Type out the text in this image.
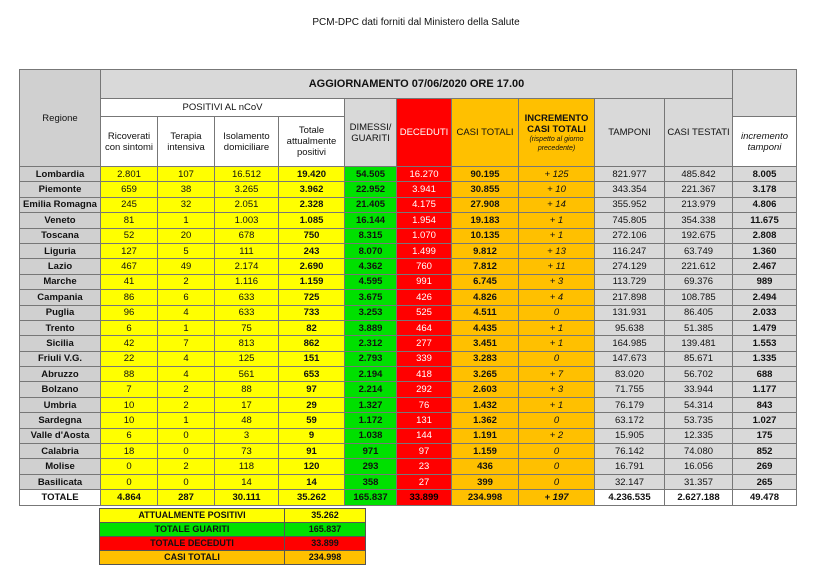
PCM-DPC dati forniti dal Ministero della Salute
Regione	AGGIORNAMENTO 07/06/2020 ORE 17.00										
	POSITIVI AL nCoV				DIMESSI/ GUARITI	DECEDUTI	CASI TOTALI	INCREMENTO CASI TOTALI
(rispetto al giorno precedente)	TAMPONI	CASI TESTATI	
	Ricoverati con sintomi	Terapia intensiva	Isolamento domiciliare	Totale attualmente positivi							incremento tamponi
Lombardia	2.801	107	16.512	19.420	54.505	16.270	90.195	+ 125	821.977	485.842	8.005
Piemonte	659	38	3.265	3.962	22.952	3.941	30.855	+ 10	343.354	221.367	3.178
Emilia Romagna	245	32	2.051	2.328	21.405	4.175	27.908	+ 14	355.952	213.979	4.806
Veneto	81	1	1.003	1.085	16.144	1.954	19.183	+ 1	745.805	354.338	11.675
Toscana	52	20	678	750	8.315	1.070	10.135	+ 1	272.106	192.675	2.808
Liguria	127	5	111	243	8.070	1.499	9.812	+ 13	116.247	63.749	1.360
Lazio	467	49	2.174	2.690	4.362	760	7.812	+ 11	274.129	221.612	2.467
Marche	41	2	1.116	1.159	4.595	991	6.745	+ 3	113.729	69.376	989
Campania	86	6	633	725	3.675	426	4.826	+ 4	217.898	108.785	2.494
Puglia	96	4	633	733	3.253	525	4.511	0	131.931	86.405	2.033
Trento	6	1	75	82	3.889	464	4.435	+ 1	95.638	51.385	1.479
Sicilia	42	7	813	862	2.312	277	3.451	+ 1	164.985	139.481	1.553
Friuli V.G.	22	4	125	151	2.793	339	3.283	0	147.673	85.671	1.335
Abruzzo	88	4	561	653	2.194	418	3.265	+ 7	83.020	56.702	688
Bolzano	7	2	88	97	2.214	292	2.603	+ 3	71.755	33.944	1.177
Umbria	10	2	17	29	1.327	76	1.432	+ 1	76.179	54.314	843
Sardegna	10	1	48	59	1.172	131	1.362	0	63.172	53.735	1.027
Valle d'Aosta	6	0	3	9	1.038	144	1.191	+ 2	15.905	12.335	175
Calabria	18	0	73	91	971	97	1.159	0	76.142	74.080	852
Molise	0	2	118	120	293	23	436	0	16.791	16.056	269
Basilicata	0	0	14	14	358	27	399	0	32.147	31.357	265
TOTALE	4.864	287	30.111	35.262	165.837	33.899	234.998	+ 197	4.236.535	2.627.188	49.478
ATTUALMENTE POSITIVI	35.262
TOTALE GUARITI	165.837
TOTALE DECEDUTI	33.899
CASI TOTALI	234.998
